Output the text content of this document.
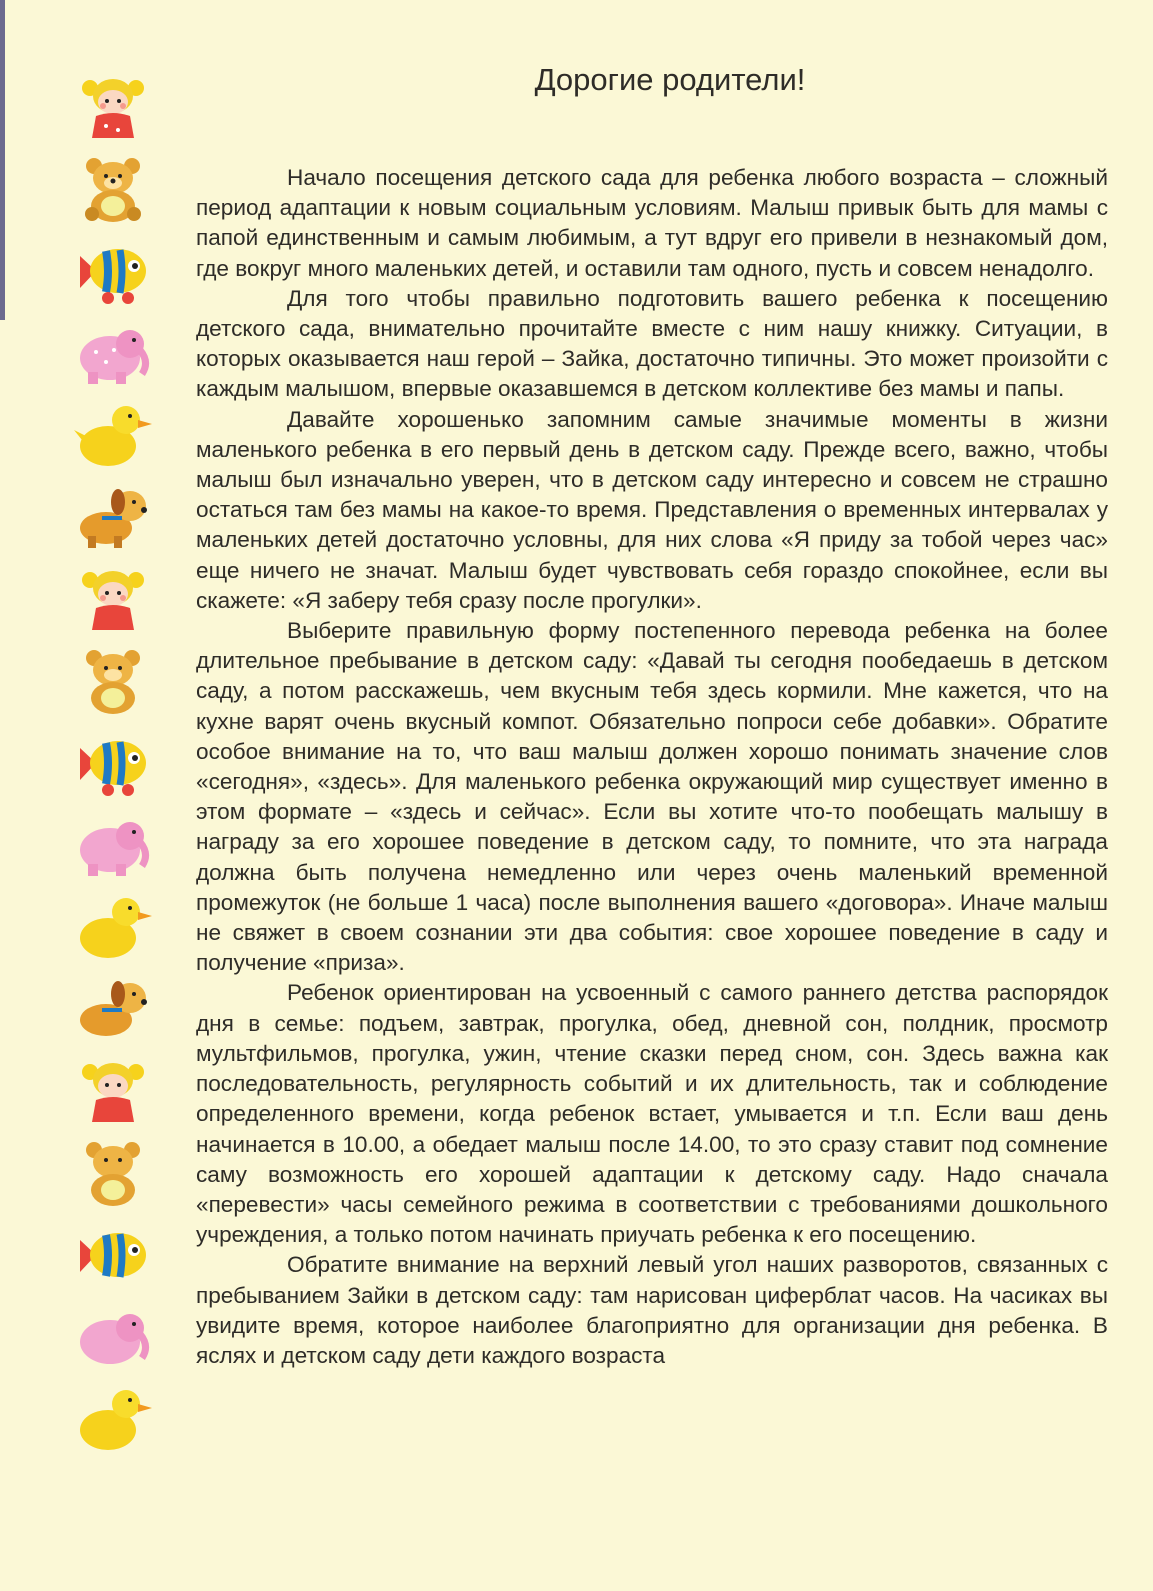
Дорогие родители!

Начало посещения детского сада для ребенка любого возраста – сложный период адаптации к новым социальным условиям. Малыш привык быть для мамы с папой единственным и самым любимым, а тут вдруг его привели в незнакомый дом, где вокруг много маленьких детей, и оставили там одного, пусть и совсем ненадолго.

Для того чтобы правильно подготовить вашего ребенка к посещению детского сада, внимательно прочитайте вместе с ним нашу книжку. Ситуации, в которых оказывается наш герой – Зайка, достаточно типичны. Это может произойти с каждым малышом, впервые оказавшемся в детском коллективе без мамы и папы.

Давайте хорошенько запомним самые значимые моменты в жизни маленького ребенка в его первый день в детском саду. Прежде всего, важно, чтобы малыш был изначально уверен, что в детском саду интересно и совсем не страшно остаться там без мамы на какое-то время. Представления о временных интервалах у маленьких детей достаточно условны, для них слова «Я приду за тобой через час» еще ничего не значат. Малыш будет чувствовать себя гораздо спокойнее, если вы скажете: «Я заберу тебя сразу после прогулки».

Выберите правильную форму постепенного перевода ребенка на более длительное пребывание в детском саду: «Давай ты сегодня пообедаешь в детском саду, а потом расскажешь, чем вкусным тебя здесь кормили. Мне кажется, что на кухне варят очень вкусный компот. Обязательно попроси себе добавки». Обратите особое внимание на то, что ваш малыш должен хорошо понимать значение слов «сегодня», «здесь». Для маленького ребенка окружающий мир существует именно в этом формате – «здесь и сейчас». Если вы хотите что-то пообещать малышу в награду за его хорошее поведение в детском саду, то помните, что эта награда должна быть получена немедленно или через очень маленький временной промежуток (не больше 1 часа) после выполнения вашего «договора». Иначе малыш не свяжет в своем сознании эти два события: свое хорошее поведение в саду и получение «приза».

Ребенок ориентирован на усвоенный с самого раннего детства распорядок дня в семье: подъем, завтрак, прогулка, обед, дневной сон, полдник, просмотр мультфильмов, прогулка, ужин, чтение сказки перед сном, сон. Здесь важна как последовательность, регулярность событий и их длительность, так и соблюдение определенного времени, когда ребенок встает, умывается и т.п. Если ваш день начинается в 10.00, а обедает малыш после 14.00, то это сразу ставит под сомнение саму возможность его хорошей адаптации к детскому саду. Надо сначала «перевести» часы семейного режима в соответствии с требованиями дошкольного учреждения, а только потом начинать приучать ребенка к его посещению.

Обратите внимание на верхний левый угол наших разворотов, связанных с пребыванием Зайки в детском саду: там нарисован циферблат часов. На часиках вы увидите время, которое наиболее благоприятно для организации дня ребенка. В яслях и детском саду дети каждого возраста
